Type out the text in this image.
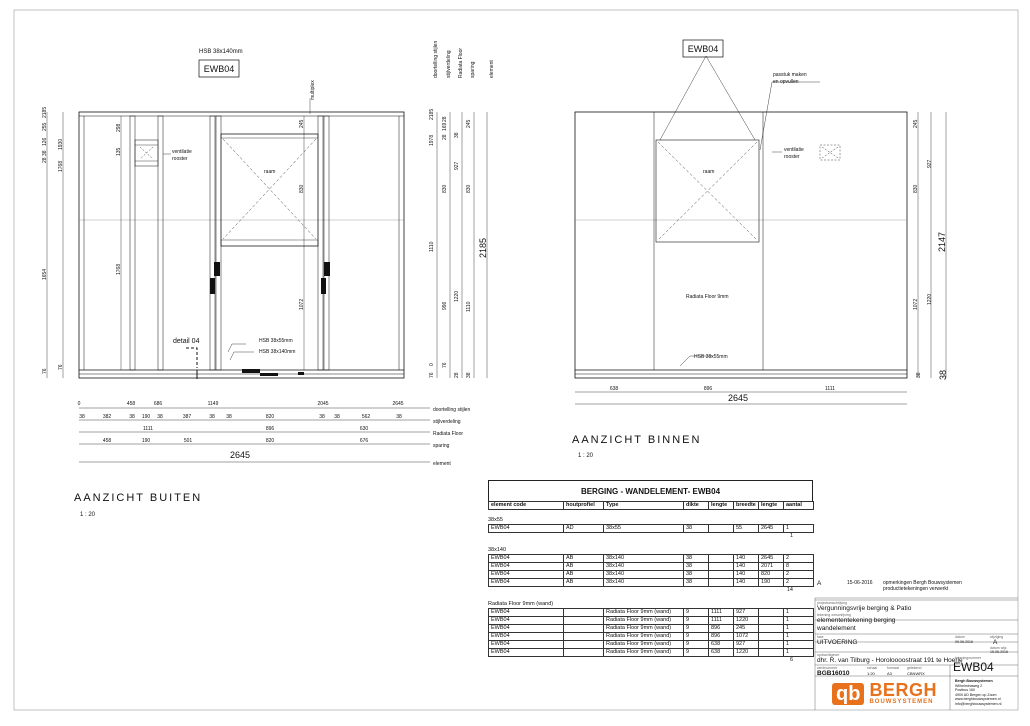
HSB 38x140mm
EWB04
multiplex
ventilatie
rooster
raam
detail 04	HSB 38x55mm
HSB 38x140mm
2185
255
126
38
28
1930
1768
1654
76
76
298
135
1768
245
830
1072
doortelling stijlen stijlverdeling Radiata Floor sparing	element
2185
1978
1110
0
76
28
169
28
830
996
76
38
927
1220
28
245
830
1110
38
2185
0	458	686	1149	2045	2645
38	382	38 190 38	387	38 38	820	38 38	562	38
1111	896	630
458	190	501	820	676
2645
doortelling stijlen
stijlverdeling
Radiata Floor
sparing
element
AANZICHT BUITEN
1 : 20
EWB04
passtuk maken
en opvullen
ventilatie
rooster
raam
Radiata Floor 9mm
HSB 38x55mm
245
927
830
1072 1220
2147
38 38
638	896	1111
2645
AANZICHT BINNEN
1 : 20
BERGING - WANDELEMENT- EWB04
element code	houtprofiel	Type	dikte	lengte	breedte	lengte	aantal
38x55
EWB04	AD	38x55	38		55	2645	1
1
38x140
EWB04	AB	38x140	38		140	2645	2
EWB04	AB	38x140	38		140	2071	8
EWB04	AB	38x140	38		140	820	2
EWB04	AB	38x140	38		140	190	2
14
Radiata Floor 9mm (wand)
EWB04		Radiata Floor 9mm (wand)	9	1111	927		1
EWB04		Radiata Floor 9mm (wand)	9	1111	1220		1
EWB04		Radiata Floor 9mm (wand)	9	896	245		1
EWB04		Radiata Floor 9mm (wand)	9	896	1072		1
EWB04		Radiata Floor 9mm (wand)	9	638	927		1
EWB04		Radiata Floor 9mm (wand)	9	638	1220		1
6
A	15-06-2016 opmerkingen Bergh Bouwsystemen
productietekeningen verwerkt
projectomschrijving
Vergunningsvrije berging & Patio
tekening omschrijving
elemententekening berging
wandelement
fase
UITVOERING
datum
09-06-2016
wijziging
A
datum wijz.
15-06-2016
opdrachtgever
dhr. R. van Tilburg - Horoloooostraat 191 te Hoerle
werknummer
BGB16010
schaal
1:20
formaat
A3
getekend
CBNWRX
tekeningnummer
EWB04
qb BERGH
BOUWSYSTEMEN
Bergh Bouwsystemen
Wilhelminaweg 2
Postbus 160
4900 AD Bergen op Zoom
www.berghbouwsystemen.nl
info@berghbouwsystemen.nl
